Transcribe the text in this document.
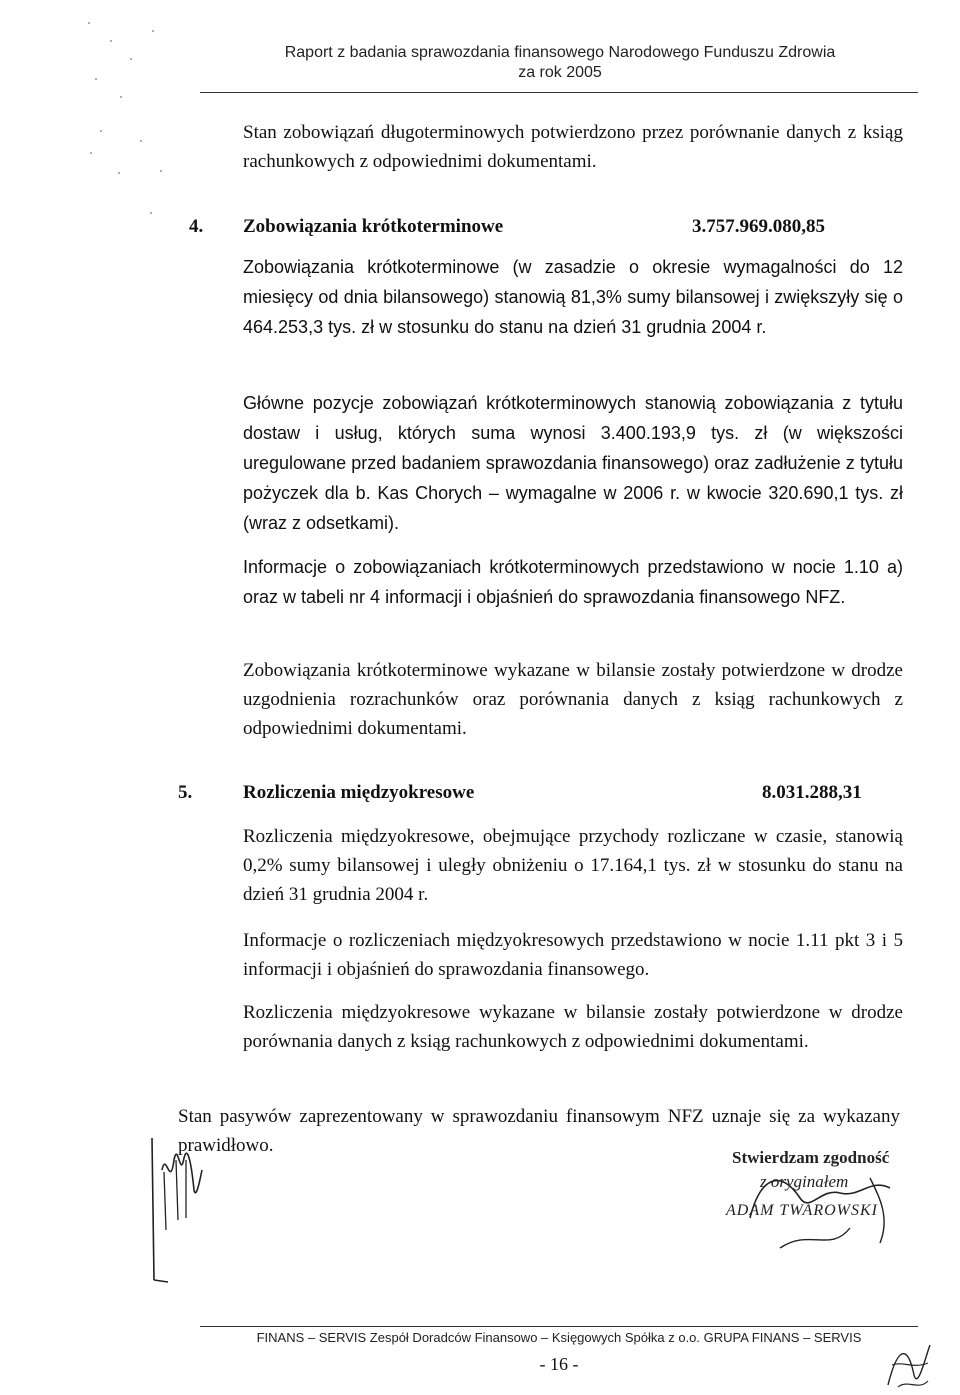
Raport z badania sprawozdania finansowego Narodowego Funduszu Zdrowia
za rok 2005
Stan zobowiązań długoterminowych potwierdzono przez porównanie danych z ksiąg rachunkowych z odpowiednimi dokumentami.
4. Zobowiązania krótkoterminowe	3.757.969.080,85
Zobowiązania krótkoterminowe (w zasadzie o okresie wymagalności do 12 miesięcy od dnia bilansowego) stanowią 81,3% sumy bilansowej i zwiększyły się o 464.253,3 tys. zł w stosunku do stanu na dzień 31 grudnia 2004 r.
Główne pozycje zobowiązań krótkoterminowych stanowią zobowiązania z tytułu dostaw i usług, których suma wynosi 3.400.193,9 tys. zł (w większości uregulowane przed badaniem sprawozdania finansowego) oraz zadłużenie z tytułu pożyczek dla b. Kas Chorych – wymagalne w 2006 r. w kwocie 320.690,1 tys. zł (wraz z odsetkami).
Informacje o zobowiązaniach krótkoterminowych przedstawiono w nocie 1.10 a) oraz w tabeli nr 4 informacji i objaśnień do sprawozdania finansowego NFZ.
Zobowiązania krótkoterminowe wykazane w bilansie zostały potwierdzone w drodze uzgodnienia rozrachunków oraz porównania danych z ksiąg rachunkowych z odpowiednimi dokumentami.
5.	Rozliczenia międzyokresowe	8.031.288,31
Rozliczenia międzyokresowe, obejmujące przychody rozliczane w czasie, stanowią 0,2% sumy bilansowej i uległy obniżeniu o 17.164,1 tys. zł w stosunku do stanu na dzień 31 grudnia 2004 r.
Informacje o rozliczeniach międzyokresowych przedstawiono w nocie 1.11 pkt 3 i 5 informacji i objaśnień do sprawozdania finansowego.
Rozliczenia międzyokresowe wykazane w bilansie zostały potwierdzone w drodze porównania danych z ksiąg rachunkowych z odpowiednimi dokumentami.
Stan pasywów zaprezentowany w sprawozdaniu finansowym NFZ uznaje się za wykazany prawidłowo.
Stwierdzam zgodność
z oryginałem
ADAM TWAROWSKI
FINANS – SERVIS Zespół Doradców Finansowo – Księgowych Spółka z o.o. GRUPA FINANS – SERVIS
- 16 -
